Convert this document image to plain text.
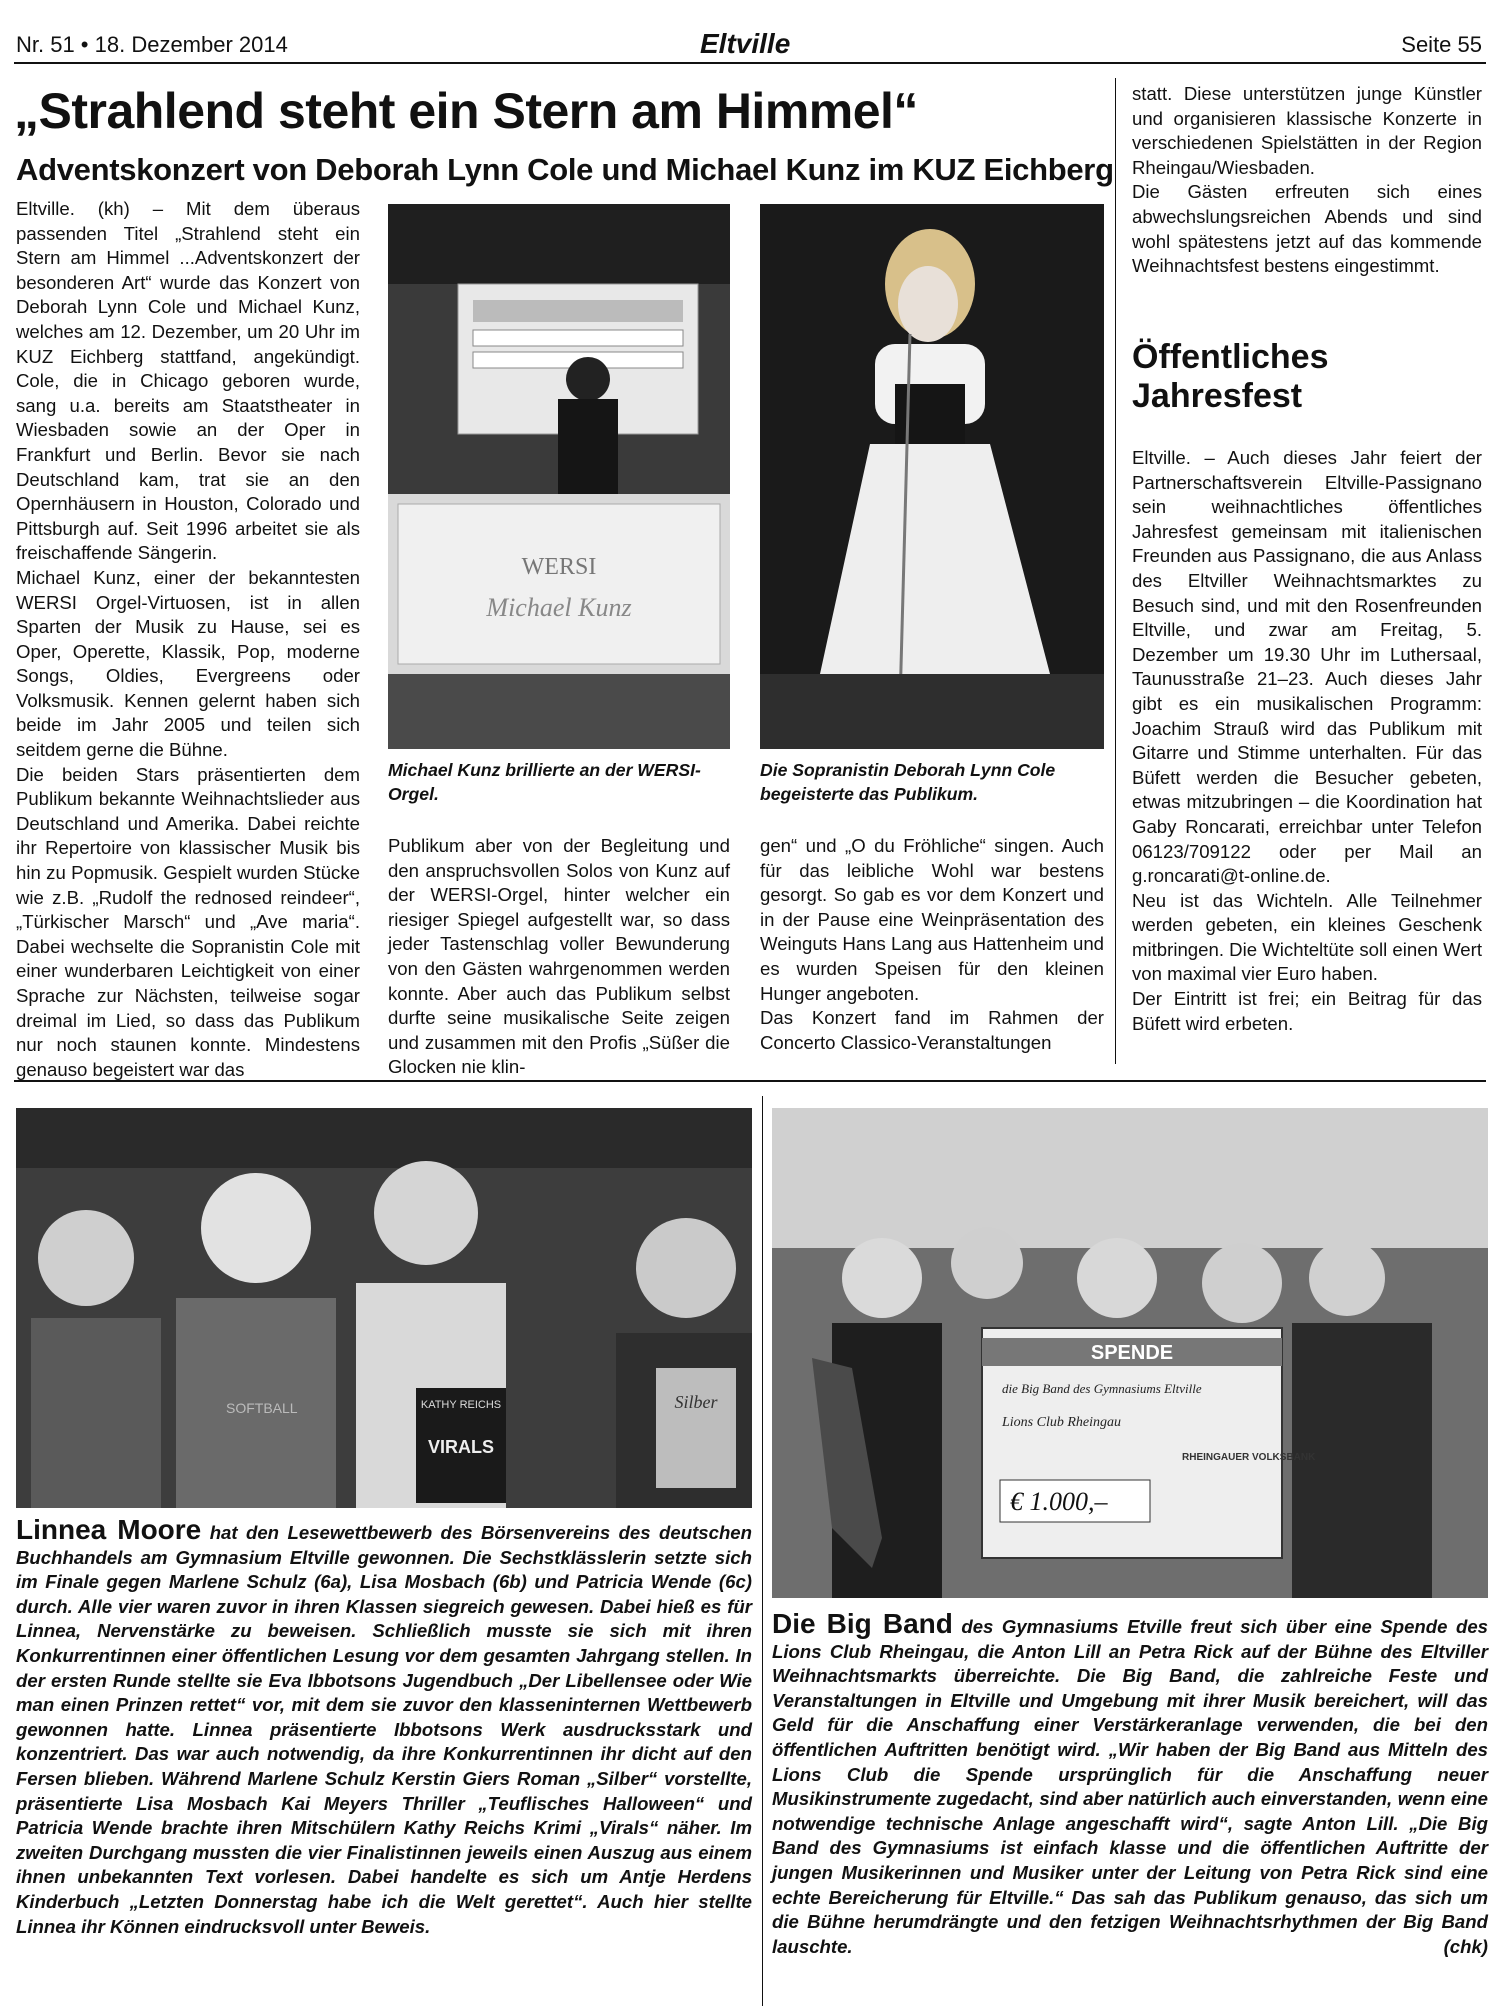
Nr. 51 • 18. Dezember 2014	Eltville	Seite 55
„Strahlend steht ein Stern am Himmel“
Adventskonzert von Deborah Lynn Cole und Michael Kunz im KUZ Eichberg

Eltville. (kh) – Mit dem überaus passenden Titel „Strahlend steht ein Stern am Himmel ...Adventskonzert der besonderen Art“ wurde das Konzert von Deborah Lynn Cole und Michael Kunz, welches am 12. Dezember, um 20 Uhr im KUZ Eichberg stattfand, angekündigt. Cole, die in Chicago geboren wurde, sang u.a. bereits am Staatstheater in Wiesbaden sowie an der Oper in Frankfurt und Berlin. Bevor sie nach Deutschland kam, trat sie an den Opernhäusern in Houston, Colorado und Pittsburgh auf. Seit 1996 arbeitet sie als freischaffende Sängerin.

Michael Kunz, einer der bekanntesten WERSI Orgel-Virtuosen, ist in allen Sparten der Musik zu Hause, sei es Oper, Operette, Klassik, Pop, moderne Songs, Oldies, Evergreens oder Volksmusik. Kennen gelernt haben sich beide im Jahr 2005 und teilen sich seitdem gerne die Bühne.

Die beiden Stars präsentierten dem Publikum bekannte Weihnachtslieder aus Deutschland und Amerika. Dabei reichte ihr Repertoire von klassischer Musik bis hin zu Popmusik. Gespielt wurden Stücke wie z.B. „Rudolf the rednosed reindeer“, „Türkischer Marsch“ und „Ave maria“. Dabei wechselte die Sopranistin Cole mit einer wunderbaren Leichtigkeit von einer Sprache zur Nächsten, teilweise sogar dreimal im Lied, so dass das Publikum nur noch staunen konnte. Mindestens genauso begeistert war das

WERSI
Michael Kunz
Michael Kunz brillierte an der WERSI-Orgel.
Die Sopranistin Deborah Lynn Cole begeisterte das Publikum.

Publikum aber von der Begleitung und den anspruchsvollen Solos von Kunz auf der WERSI-Orgel, hinter welcher ein riesiger Spiegel aufgestellt war, so dass jeder Tastenschlag voller Bewunderung von den Gästen wahrgenommen werden konnte. Aber auch das Publikum selbst durfte seine musikalische Seite zeigen und zusammen mit den Profis „Süßer die Glocken nie klin-

gen“ und „O du Fröhliche“ singen. Auch für das leibliche Wohl war bestens gesorgt. So gab es vor dem Konzert und in der Pause eine Weinpräsentation des Weinguts Hans Lang aus Hattenheim und es wurden Speisen für den kleinen Hunger angeboten.

Das Konzert fand im Rahmen der Concerto Classico-Veranstaltungen

statt. Diese unterstützen junge Künstler und organisieren klassische Konzerte in verschiedenen Spielstätten in der Region Rheingau/Wiesbaden.

Die Gästen erfreuten sich eines abwechslungsreichen Abends und sind wohl spätestens jetzt auf das kommende Weihnachtsfest bestens eingestimmt.

Öffentliches Jahresfest

Eltville. – Auch dieses Jahr feiert der Partnerschaftsverein Eltville-Passignano sein weihnachtliches öffentliches Jahresfest gemeinsam mit italienischen Freunden aus Passignano, die aus Anlass des Eltviller Weihnachtsmarktes zu Besuch sind, und mit den Rosenfreunden Eltville, und zwar am Freitag, 5. Dezember um 19.30 Uhr im Luthersaal, Taunusstraße 21–23. Auch dieses Jahr gibt es ein musikalischen Programm: Joachim Strauß wird das Publikum mit Gitarre und Stimme unterhalten. Für das Büfett werden die Besucher gebeten, etwas mitzubringen – die Koordination hat Gaby Roncarati, erreichbar unter Telefon 06123/709122 oder per Mail an g.roncarati@t-online.de.

Neu ist das Wichteln. Alle Teilnehmer werden gebeten, ein kleines Geschenk mitbringen. Die Wichteltüte soll einen Wert von maximal vier Euro haben.

Der Eintritt ist frei; ein Beitrag für das Büfett wird erbeten.

SOFTBALL	KATHY REICHS
VIRALS
Silber
Linnea Moore hat den Lesewettbewerb des Börsenvereins des deutschen Buchhandels am Gymnasium Eltville gewonnen. Die Sechstklässlerin setzte sich im Finale gegen Marlene Schulz (6a), Lisa Mosbach (6b) und Patricia Wende (6c) durch. Alle vier waren zuvor in ihren Klassen siegreich gewesen. Dabei hieß es für Linnea, Nervenstärke zu beweisen. Schließlich musste sie sich mit ihren Konkurrentinnen einer öffentlichen Lesung vor dem gesamten Jahrgang stellen. In der ersten Runde stellte sie Eva Ibbotsons Jugendbuch „Der Libellensee oder Wie man einen Prinzen rettet“ vor, mit dem sie zuvor den klasseninternen Wettbewerb gewonnen hatte. Linnea präsentierte Ibbotsons Werk ausdrucksstark und konzentriert. Das war auch notwendig, da ihre Konkurrentinnen ihr dicht auf den Fersen blieben. Während Marlene Schulz Kerstin Giers Roman „Silber“ vorstellte, präsentierte Lisa Mosbach Kai Meyers Thriller „Teuflisches Halloween“ und Patricia Wende brachte ihren Mitschülern Kathy Reichs Krimi „Virals“ näher. Im zweiten Durchgang mussten die vier Finalistinnen jeweils einen Auszug aus einem ihnen unbekannten Text vorlesen. Dabei handelte es sich um Antje Herdens Kinderbuch „Letzten Donnerstag habe ich die Welt gerettet“. Auch hier stellte Linnea ihr Können eindrucksvoll unter Beweis.
SPENDE
die Big Band des Gymnasiums Eltville
Lions Club Rheingau
RHEINGAUER VOLKSBANK
€ 1.000,–
Die Big Band des Gymnasiums Etville freut sich über eine Spende des Lions Club Rheingau, die Anton Lill an Petra Rick auf der Bühne des Eltviller Weihnachtsmarkts überreichte. Die Big Band, die zahlreiche Feste und Veranstaltungen in Eltville und Umgebung mit ihrer Musik bereichert, will das Geld für die Anschaffung einer Verstärkeranlage verwenden, die bei den öffentlichen Auftritten benötigt wird. „Wir haben der Big Band aus Mitteln des Lions Club die Spende ursprünglich für die Anschaffung neuer Musikinstrumente zugedacht, sind aber natürlich auch einverstanden, wenn eine notwendige technische Anlage angeschafft wird“, sagte Anton Lill. „Die Big Band des Gymnasiums ist einfach klasse und die öffentlichen Auftritte der jungen Musikerinnen und Musiker unter der Leitung von Petra Rick sind eine echte Bereicherung für Eltville.“ Das sah das Publikum genauso, das sich um die Bühne herumdrängte und den fetzigen Weihnachtsrhythmen der Big Band lauschte.	(chk)
